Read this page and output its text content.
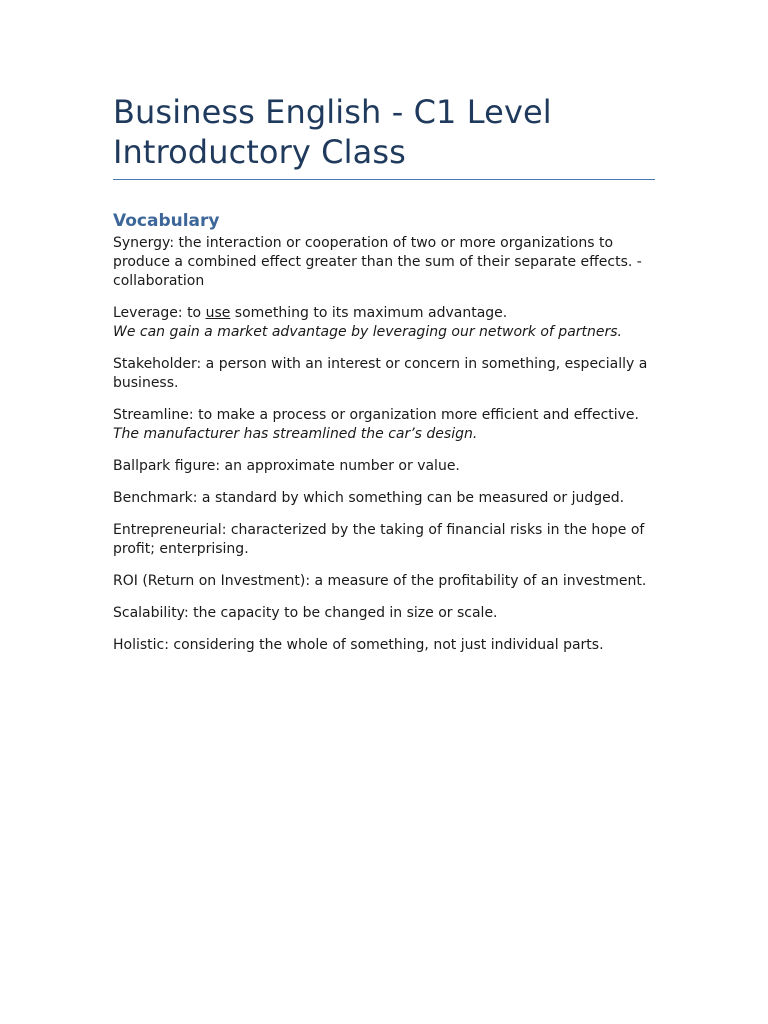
Business English - C1 Level
Introductory Class
Vocabulary

Synergy: the interaction or cooperation of two or more organizations to produce a combined effect greater than the sum of their separate effects. - collaboration

Leverage: to use something to its maximum advantage.
We can gain a market advantage by leveraging our network of partners.

Stakeholder: a person with an interest or concern in something, especially a business.

Streamline: to make a process or organization more efficient and effective.
The manufacturer has streamlined the car’s design.

Ballpark figure: an approximate number or value.

Benchmark: a standard by which something can be measured or judged.

Entrepreneurial: characterized by the taking of financial risks in the hope of profit; enterprising.

ROI (Return on Investment): a measure of the profitability of an investment.

Scalability: the capacity to be changed in size or scale.

Holistic: considering the whole of something, not just individual parts.
